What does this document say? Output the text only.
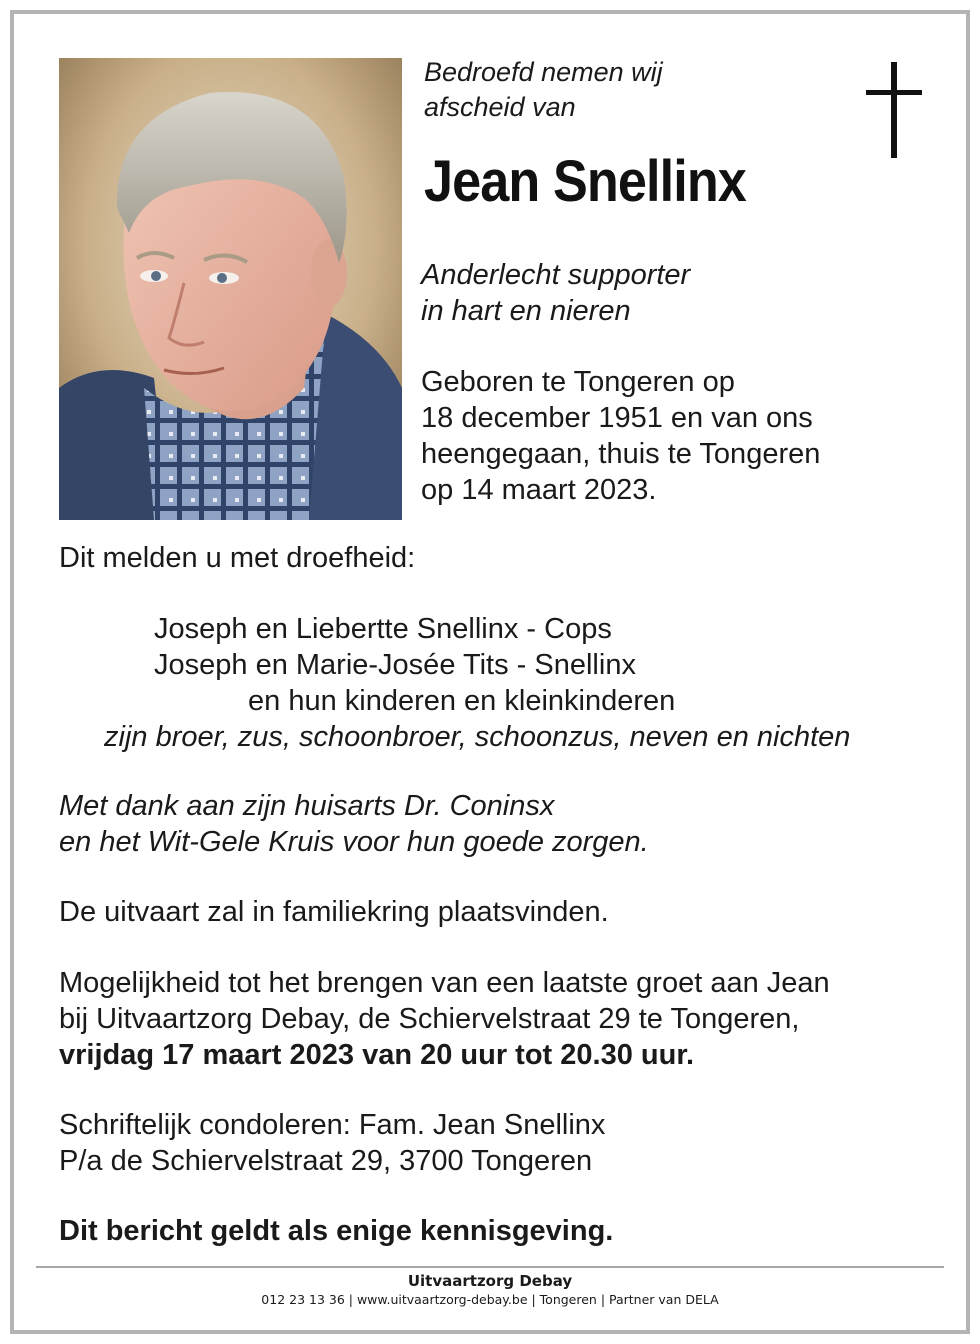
Bedroefd nemen wij
afscheid van
Jean Snellinx
Anderlecht supporter
in hart en nieren
Geboren te Tongeren op
18 december 1951 en van ons
heengegaan, thuis te Tongeren
op 14 maart 2023.
Dit melden u met droefheid:
Joseph en Liebertte Snellinx - Cops
Joseph en Marie-Josée Tits - Snellinx
en hun kinderen en kleinkinderen
zijn broer, zus, schoonbroer, schoonzus, neven en nichten
Met dank aan zijn huisarts Dr. Coninsx
en het Wit-Gele Kruis voor hun goede zorgen.
De uitvaart zal in familiekring plaatsvinden.
Mogelijkheid tot het brengen van een laatste groet aan Jean
bij Uitvaartzorg Debay, de Schiervelstraat 29 te Tongeren,
vrijdag 17 maart 2023 van 20 uur tot 20.30 uur.
Schriftelijk condoleren: Fam. Jean Snellinx
P/a de Schiervelstraat 29, 3700 Tongeren
Dit bericht geldt als enige kennisgeving.
Uitvaartzorg Debay
012 23 13 36 | www.uitvaartzorg-debay.be | Tongeren | Partner van DELA
